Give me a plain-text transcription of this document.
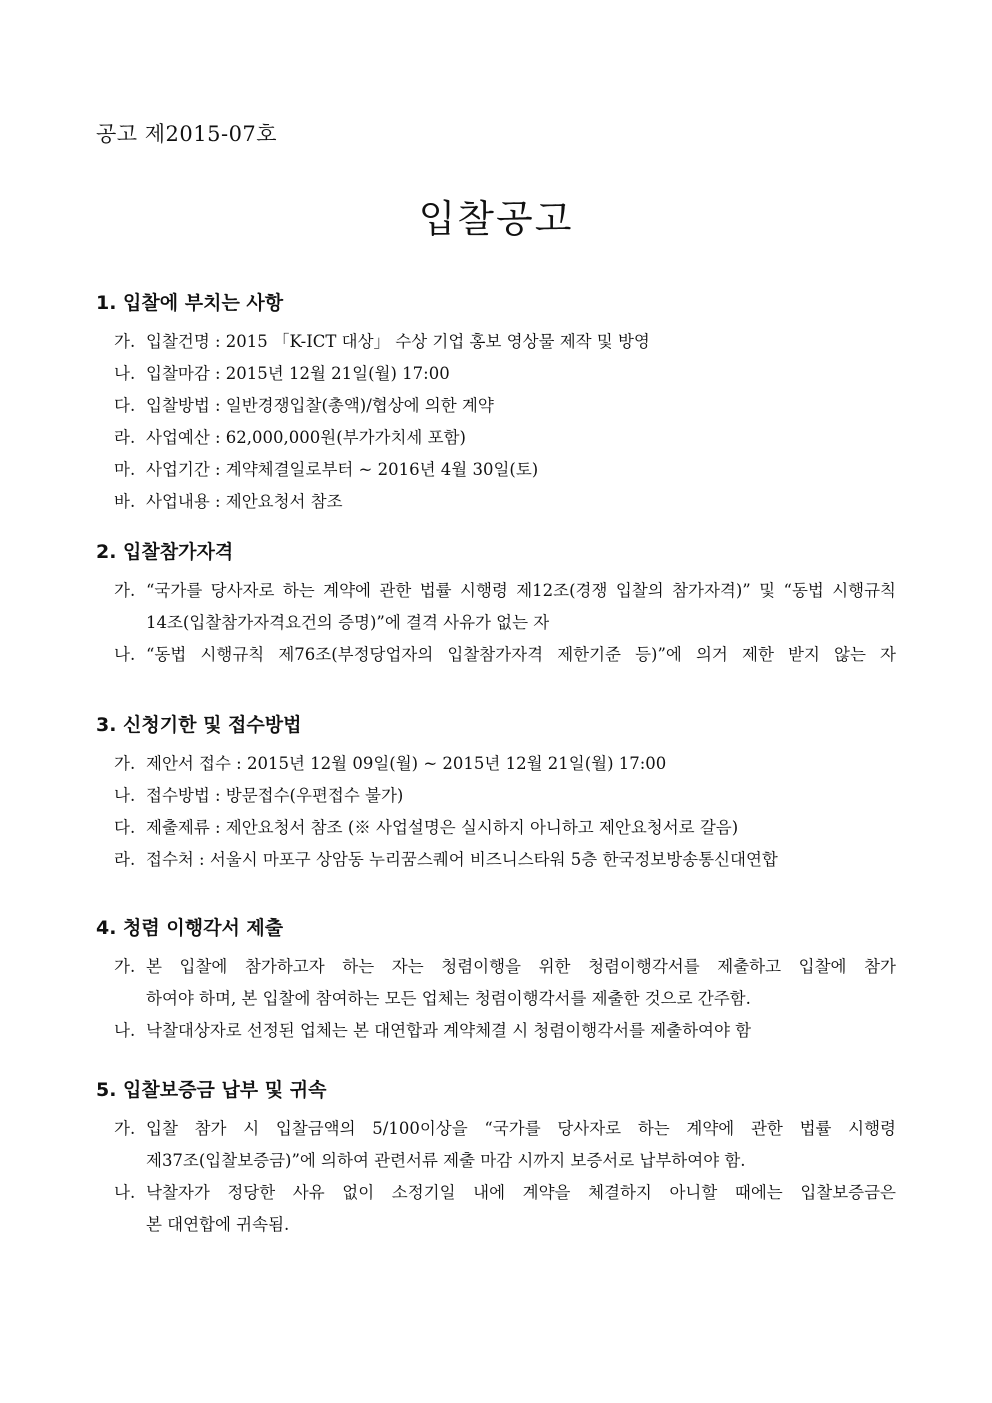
공고 제2015-07호
입찰공고
1. 입찰에 부치는 사항
가. 입찰건명 : 2015 「K-ICT 대상」 수상 기업 홍보 영상물 제작 및 방영
나. 입찰마감 : 2015년 12월 21일(월) 17:00
다. 입찰방법 : 일반경쟁입찰(총액)/협상에 의한 계약
라. 사업예산 : 62,000,000원(부가가치세 포함)
마. 사업기간 : 계약체결일로부터 ~ 2016년 4월 30일(토)
바. 사업내용 : 제안요청서 참조
2. 입찰참가자격
가. “국가를 당사자로 하는 계약에 관한 법률 시행령 제12조(경쟁 입찰의 참가자격)” 및 “동법 시행규칙
14조(입찰참가자격요건의 증명)”에 결격 사유가 없는 자
나. “동법 시행규칙 제76조(부정당업자의 입찰참가자격 제한기준 등)”에 의거 제한 받지 않는 자
3. 신청기한 및 접수방법
가. 제안서 접수 : 2015년 12월 09일(월) ~ 2015년 12월 21일(월) 17:00
나. 접수방법 : 방문접수(우편접수 불가)
다. 제출제류 : 제안요청서 참조 (※ 사업설명은 실시하지 아니하고 제안요청서로 갈음)
라. 접수처 : 서울시 마포구 상암동 누리꿈스퀘어 비즈니스타워 5층 한국정보방송통신대연합
4. 청렴 이행각서 제출
가. 본 입찰에 참가하고자 하는 자는 청렴이행을 위한 청렴이행각서를 제출하고 입찰에 참가
하여야 하며, 본 입찰에 참여하는 모든 업체는 청렴이행각서를 제출한 것으로 간주함.
나. 낙찰대상자로 선정된 업체는 본 대연합과 계약체결 시 청렴이행각서를 제출하여야 함
5. 입찰보증금 납부 및 귀속
가. 입찰 참가 시 입찰금액의 5/100이상을 “국가를 당사자로 하는 계약에 관한 법률 시행령
제37조(입찰보증금)”에 의하여 관련서류 제출 마감 시까지 보증서로 납부하여야 함.
나. 낙찰자가 정당한 사유 없이 소정기일 내에 계약을 체결하지 아니할 때에는 입찰보증금은
본 대연합에 귀속됨.
